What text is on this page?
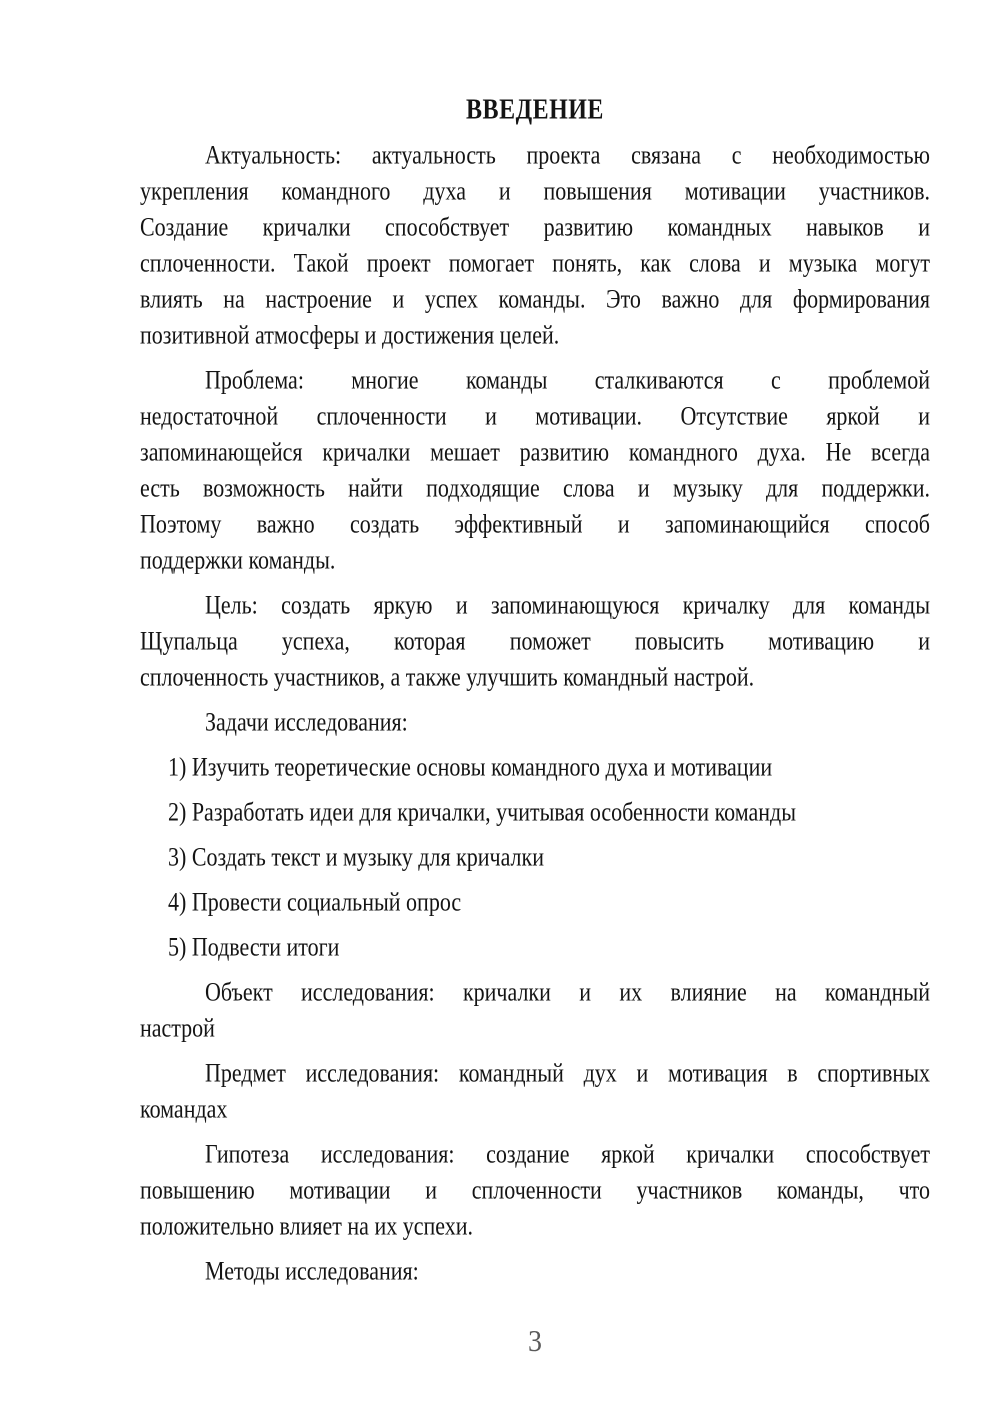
ВВЕДЕНИЕ
Актуальность: актуальность проекта связана с необходимостью
укрепления командного духа и повышения мотивации участников.
Создание кричалки способствует развитию командных навыков и
сплоченности. Такой проект помогает понять, как слова и музыка могут
влиять на настроение и успех команды. Это важно для формирования
позитивной атмосферы и достижения целей.
Проблема: многие команды сталкиваются с проблемой
недостаточной сплоченности и мотивации. Отсутствие яркой и
запоминающейся кричалки мешает развитию командного духа. Не всегда
есть возможность найти подходящие слова и музыку для поддержки.
Поэтому важно создать эффективный и запоминающийся способ
поддержки команды.
Цель: создать яркую и запоминающуюся кричалку для команды
Щупальца успеха, которая поможет повысить мотивацию и
сплоченность участников, а также улучшить командный настрой.
Задачи исследования:
1) Изучить теоретические основы командного духа и мотивации
2) Разработать идеи для кричалки, учитывая особенности команды
3) Создать текст и музыку для кричалки
4) Провести социальный опрос
5) Подвести итоги
Объект исследования: кричалки и их влияние на командный
настрой
Предмет исследования: командный дух и мотивация в спортивных
командах
Гипотеза исследования: создание яркой кричалки способствует
повышению мотивации и сплоченности участников команды, что
положительно влияет на их успехи.
Методы исследования:
3
